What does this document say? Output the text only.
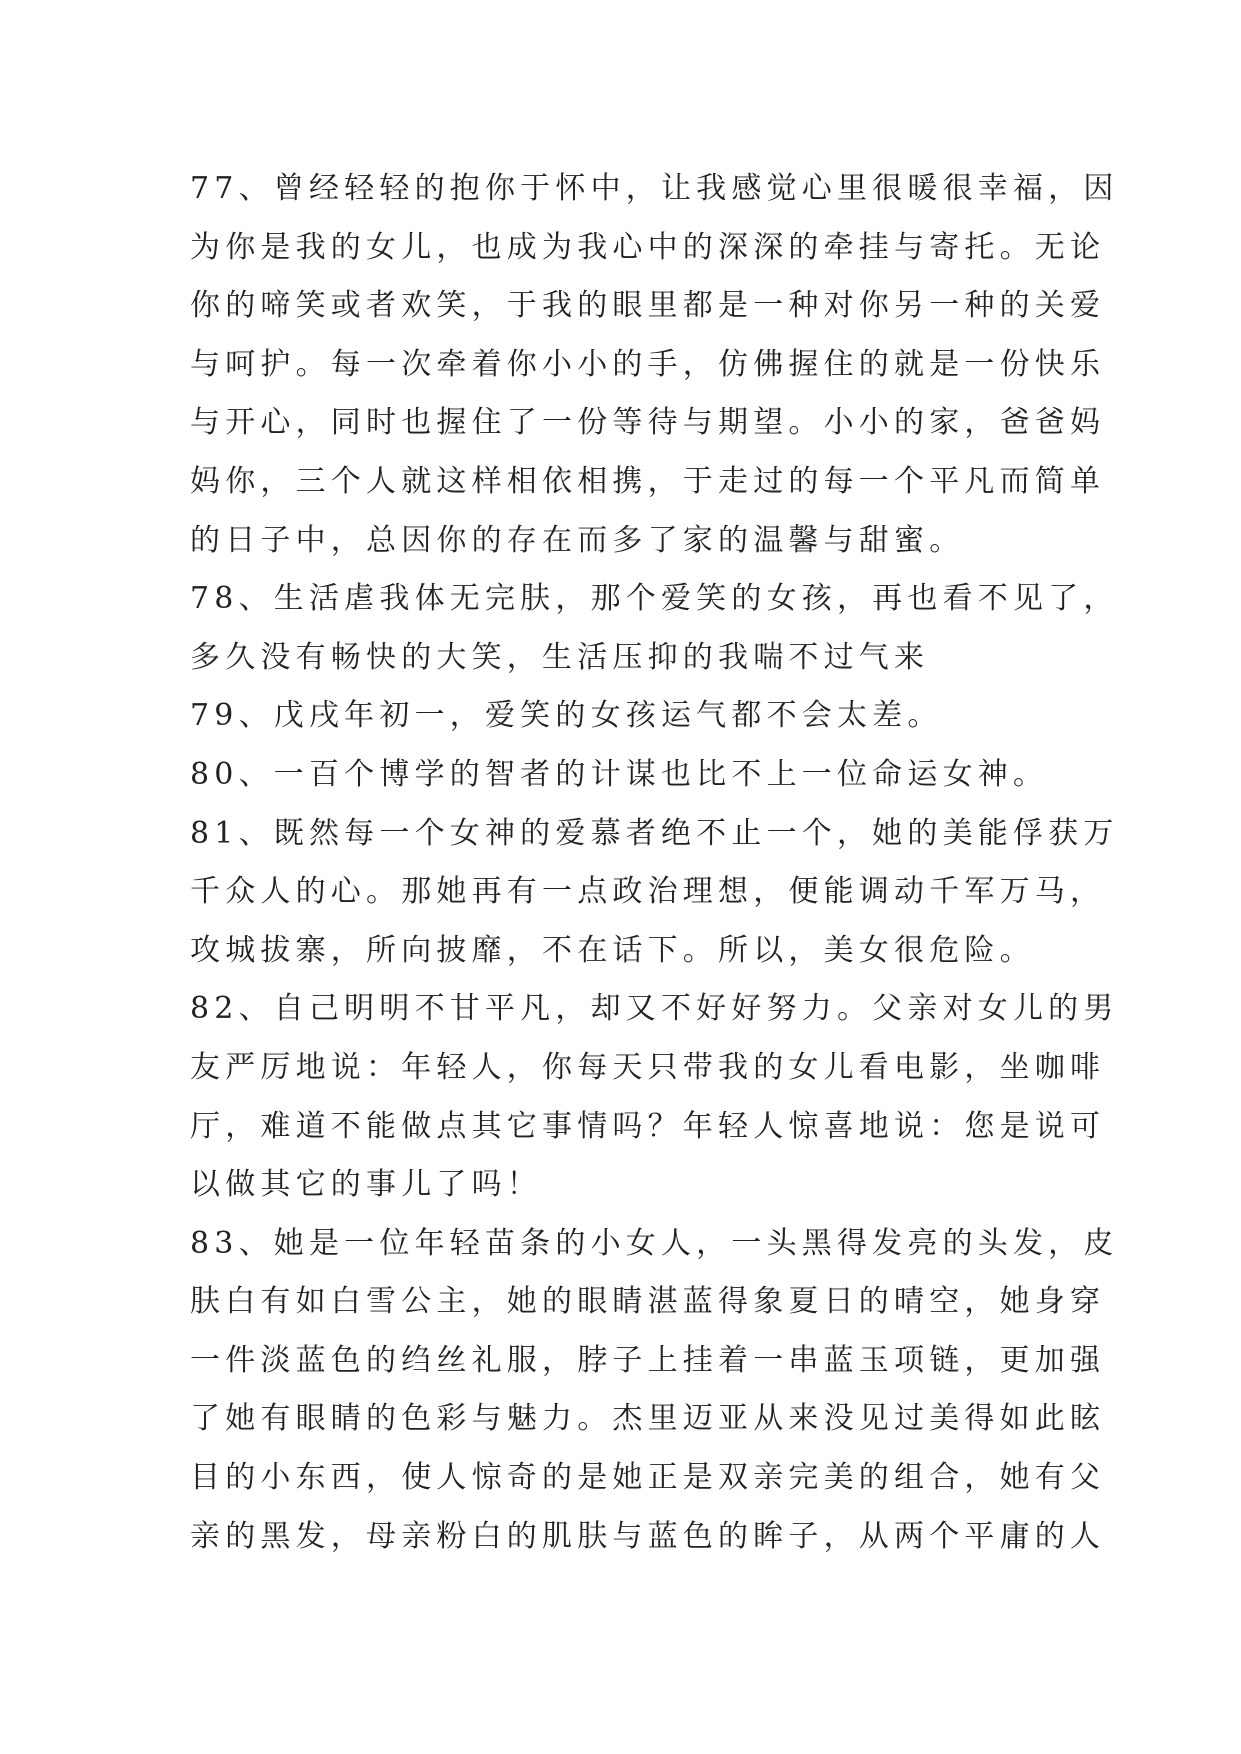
77、曾经轻轻的抱你于怀中，让我感觉心里很暖很幸福，因
为你是我的女儿，也成为我心中的深深的牵挂与寄托。无论
你的啼笑或者欢笑，于我的眼里都是一种对你另一种的关爱
与呵护。每一次牵着你小小的手，仿佛握住的就是一份快乐
与开心，同时也握住了一份等待与期望。小小的家，爸爸妈
妈你，三个人就这样相依相携，于走过的每一个平凡而简单
的日子中，总因你的存在而多了家的温馨与甜蜜。
78、生活虐我体无完肤，那个爱笑的女孩，再也看不见了，
多久没有畅快的大笑，生活压抑的我喘不过气来
79、戊戌年初一，爱笑的女孩运气都不会太差。
80、一百个博学的智者的计谋也比不上一位命运女神。
81、既然每一个女神的爱慕者绝不止一个，她的美能俘获万
千众人的心。那她再有一点政治理想，便能调动千军万马，
攻城拔寨，所向披靡，不在话下。所以，美女很危险。
82、自己明明不甘平凡，却又不好好努力。父亲对女儿的男
友严厉地说：年轻人，你每天只带我的女儿看电影，坐咖啡
厅，难道不能做点其它事情吗？年轻人惊喜地说：您是说可
以做其它的事儿了吗！
83、她是一位年轻苗条的小女人，一头黑得发亮的头发，皮
肤白有如白雪公主，她的眼睛湛蓝得象夏日的晴空，她身穿
一件淡蓝色的绉丝礼服，脖子上挂着一串蓝玉项链，更加强
了她有眼睛的色彩与魅力。杰里迈亚从来没见过美得如此眩
目的小东西，使人惊奇的是她正是双亲完美的组合，她有父
亲的黑发，母亲粉白的肌肤与蓝色的眸子，从两个平庸的人
